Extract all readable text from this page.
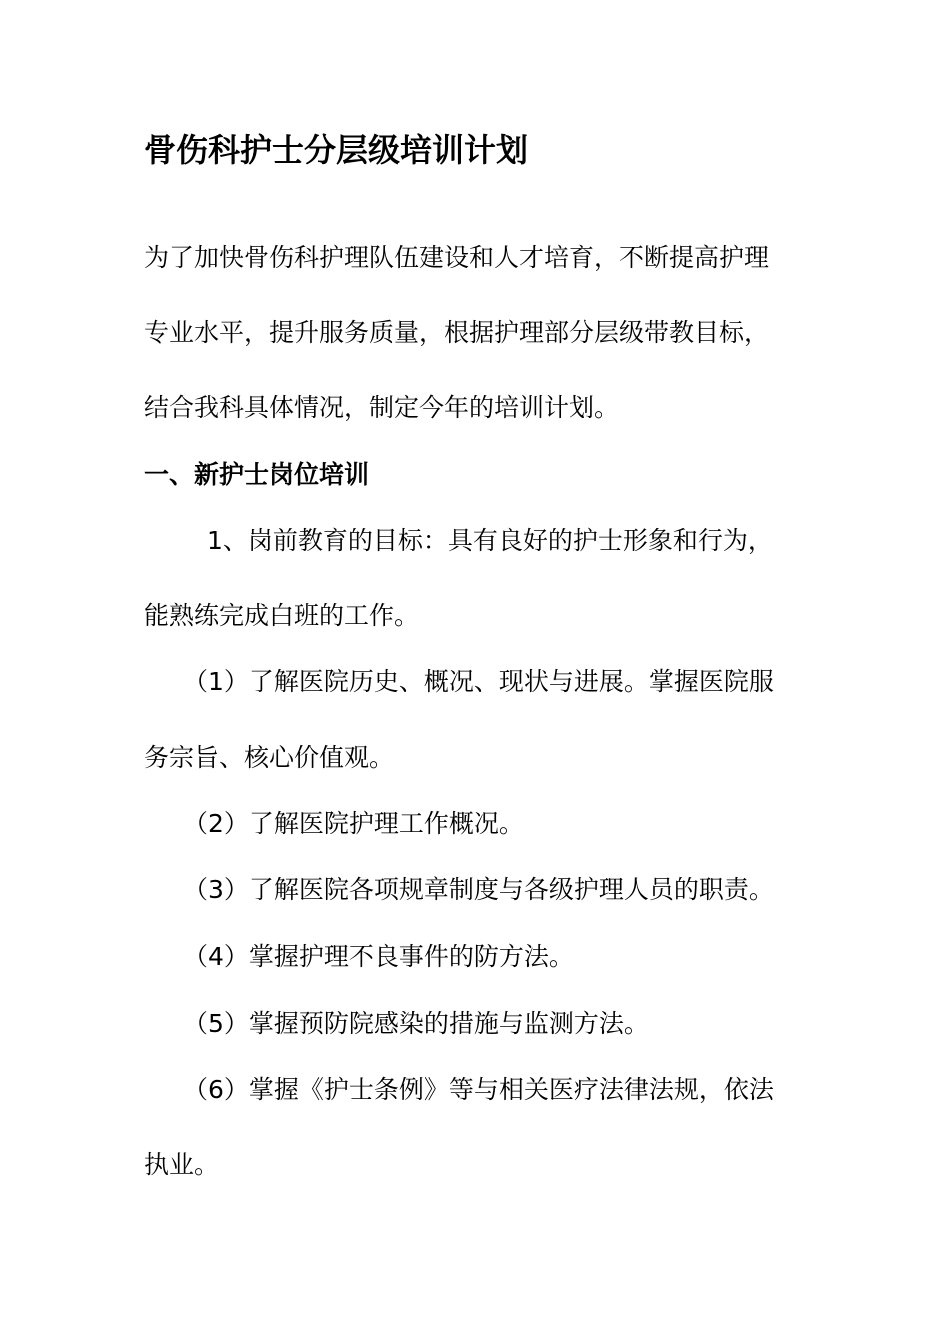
骨伤科护士分层级培训计划
为了加快骨伤科护理队伍建设和人才培育，不断提高护理
专业水平，提升服务质量，根据护理部分层级带教目标，
结合我科具体情况，制定今年的培训计划。
一、新护士岗位培训
1、岗前教育的目标：具有良好的护士形象和行为，
能熟练完成白班的工作。
（1）了解医院历史、概况、现状与进展。掌握医院服
务宗旨、核心价值观。
（2）了解医院护理工作概况。
（3）了解医院各项规章制度与各级护理人员的职责。
（4）掌握护理不良事件的防方法。
（5）掌握预防院感染的措施与监测方法。
（6）掌握《护士条例》等与相关医疗法律法规，依法
执业。
